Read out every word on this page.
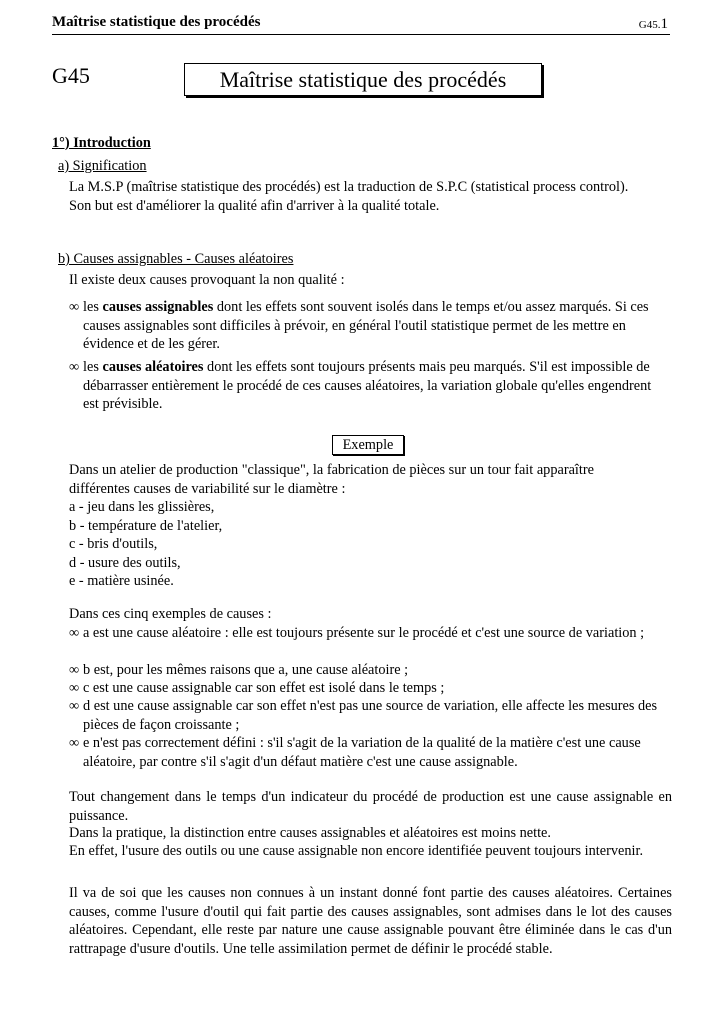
Maîtrise statistique des procédés	G45.1
G45	Maîtrise statistique des procédés
1°) Introduction
a) Signification
La M.S.P (maîtrise statistique des procédés) est la traduction de S.P.C (statistical process control). Son but est d'améliorer la qualité afin d'arriver à la qualité totale.
b) Causes assignables - Causes aléatoires
Il existe deux causes provoquant la non qualité :
∞ les causes assignables dont les effets sont souvent isolés dans le temps et/ou assez marqués. Si ces causes assignables sont difficiles à prévoir, en général l'outil statistique permet de les mettre en évidence et de les gérer.
∞ les causes aléatoires dont les effets sont toujours présents mais peu marqués. S'il est impossible de débarrasser entièrement le procédé de ces causes aléatoires, la variation globale qu'elles engendrent est prévisible.
Exemple
Dans un atelier de production "classique", la fabrication de pièces sur un tour fait apparaître différentes causes de variabilité sur le diamètre :

a - jeu dans les glissières,

b - température de l'atelier,

c - bris d'outils,

d - usure des outils,

e - matière usinée.

Dans ces cinq exemples de causes :
∞ a est une cause aléatoire : elle est toujours présente sur le procédé et c'est une source de variation ;
∞ b est, pour les mêmes raisons que a, une cause aléatoire ;
∞ c est une cause assignable car son effet est isolé dans le temps ;
∞ d est une cause assignable car son effet n'est pas une source de variation, elle affecte les mesures des pièces de façon croissante ;
∞ e n'est pas correctement défini : s'il s'agit de la variation de la qualité de la matière c'est une cause aléatoire, par contre s'il s'agit d'un défaut matière c'est une cause assignable.
Tout changement dans le temps d'un indicateur du procédé de production est une cause assignable en puissance.
Dans la pratique, la distinction entre causes assignables et aléatoires est moins nette.
En effet, l'usure des outils ou une cause assignable non encore identifiée peuvent toujours intervenir.
Il va de soi que les causes non connues à un instant donné font partie des causes aléatoires. Certaines causes, comme l'usure d'outil qui fait partie des causes assignables, sont admises dans le lot des causes aléatoires. Cependant, elle reste par nature une cause assignable pouvant être éliminée dans le cas d'un rattrapage d'usure d'outils. Une telle assimilation permet de définir le procédé stable.
